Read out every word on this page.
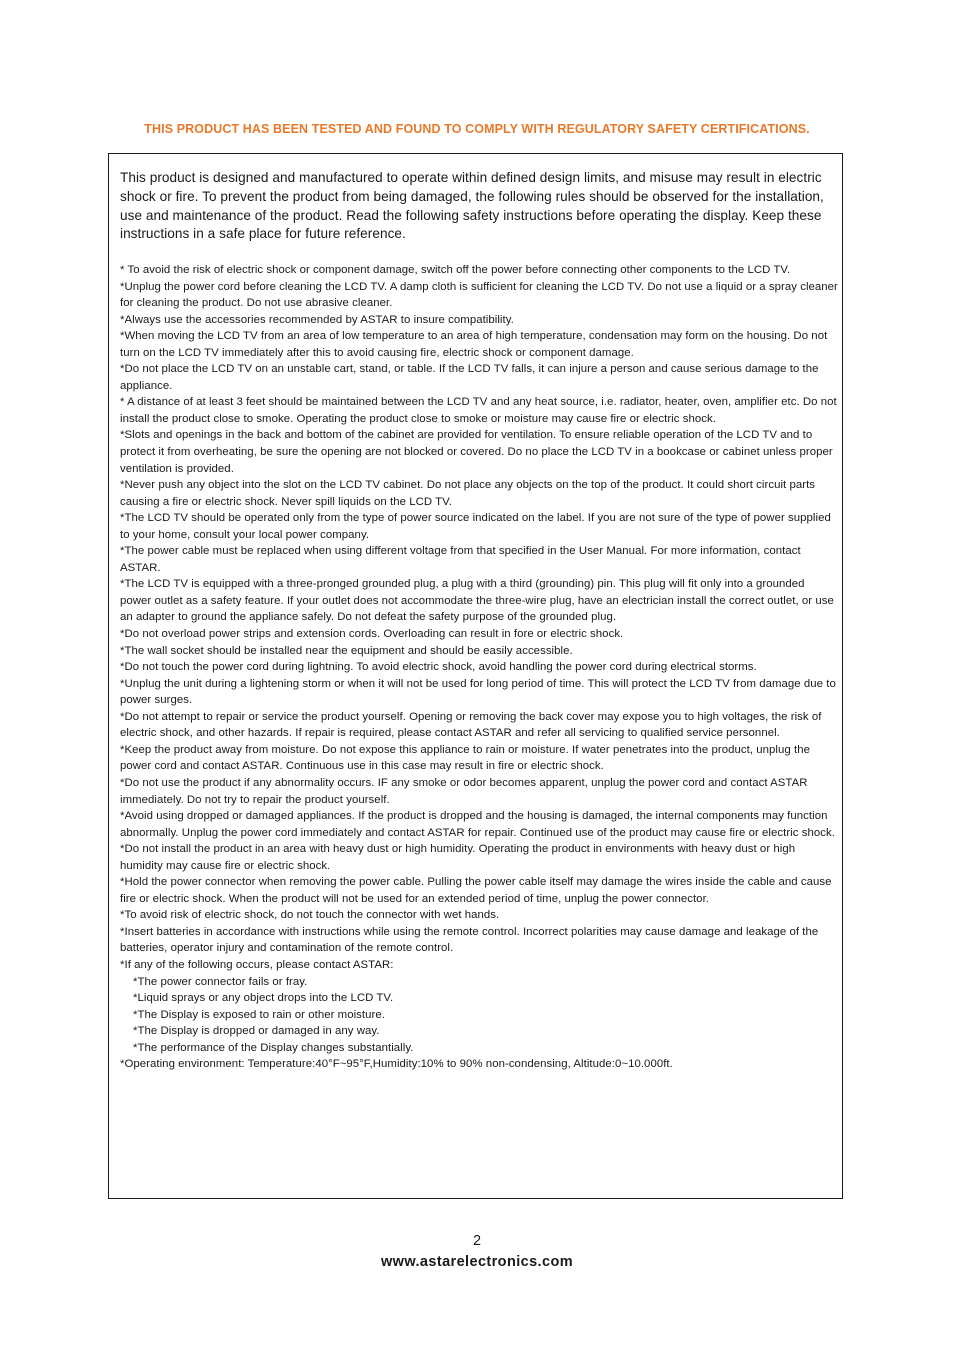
THIS PRODUCT HAS BEEN TESTED AND FOUND TO COMPLY WITH REGULATORY SAFETY CERTIFICATIONS.

This product is designed and manufactured to operate within defined design limits, and misuse may result in electric shock or fire. To prevent the product from being damaged, the following rules should be observed for the installation, use and maintenance of the product. Read the following safety instructions before operating the display. Keep these instructions in a safe place for future reference.

* To avoid the risk of electric shock or component damage, switch off the power before connecting other components to the LCD TV.
*Unplug the power cord before cleaning the LCD TV. A damp cloth is sufficient for cleaning the LCD TV. Do not use a liquid or a spray cleaner for cleaning the product. Do not use abrasive cleaner.
*Always use the accessories recommended by ASTAR to insure compatibility.
*When moving the LCD TV from an area of low temperature to an area of high temperature, condensation may form on the housing. Do not turn on the LCD TV immediately after this to avoid causing fire, electric shock or component damage.
*Do not place the LCD TV on an unstable cart, stand, or table. If the LCD TV falls, it can injure a person and cause serious damage to the appliance.
* A distance of at least 3 feet should be maintained between the LCD TV and any heat source, i.e. radiator, heater, oven, amplifier etc. Do not install the product close to smoke. Operating the product close to smoke or moisture may cause fire or electric shock.
*Slots and openings in the back and bottom of the cabinet are provided for ventilation. To ensure reliable operation of the LCD TV and to protect it from overheating, be sure the opening are not blocked or covered. Do no place the LCD TV in a bookcase or cabinet unless proper ventilation is provided.
*Never push any object into the slot on the LCD TV cabinet. Do not place any objects on the top of the product. It could short circuit parts causing a fire or electric shock. Never spill liquids on the LCD TV.
*The LCD TV should be operated only from the type of power source indicated on the label. If you are not sure of the type of power supplied to your home, consult your local power company.
*The power cable must be replaced when using different voltage from that specified in the User Manual. For more information, contact ASTAR.
*The LCD TV is equipped with a three-pronged grounded plug, a plug with a third (grounding) pin. This plug will fit only into a grounded power outlet as a safety feature. If your outlet does not accommodate the three-wire plug, have an electrician install the correct outlet, or use an adapter to ground the appliance safely. Do not defeat the safety purpose of the grounded plug.
*Do not overload power strips and extension cords. Overloading can result in fore or electric shock.
*The wall socket should be installed near the equipment and should be easily accessible.
*Do not touch the power cord during lightning. To avoid electric shock, avoid handling the power cord during electrical storms.
*Unplug the unit during a lightening storm or when it will not be used for long period of time. This will protect the LCD TV from damage due to power surges.
*Do not attempt to repair or service the product yourself. Opening or removing the back cover may expose you to high voltages, the risk of electric shock, and other hazards. If repair is required, please contact ASTAR and refer all servicing to qualified service personnel.
*Keep the product away from moisture. Do not expose this appliance to rain or moisture. If water penetrates into the product, unplug the power cord and contact ASTAR. Continuous use in this case may result in fire or electric shock.
*Do not use the product if any abnormality occurs. IF any smoke or odor becomes apparent, unplug the power cord and contact ASTAR immediately. Do not try to repair the product yourself.
*Avoid using dropped or damaged appliances. If the product is dropped and the housing is damaged, the internal components may function abnormally. Unplug the power cord immediately and contact ASTAR for repair. Continued use of the product may cause fire or electric shock.
*Do not install the product in an area with heavy dust or high humidity. Operating the product in environments with heavy dust or high humidity may cause fire or electric shock.
*Hold the power connector when removing the power cable. Pulling the power cable itself may damage the wires inside the cable and cause fire or electric shock. When the product will not be used for an extended period of time, unplug the power connector.
*To avoid risk of electric shock, do not touch the connector with wet hands.
*Insert batteries in accordance with instructions while using the remote control. Incorrect polarities may cause damage and leakage of the batteries, operator injury and contamination of the remote control.
*If any of the following occurs, please contact ASTAR:
*The power connector fails or fray.
*Liquid sprays or any object drops into the LCD TV.
*The Display is exposed to rain or other moisture.
*The Display is dropped or damaged in any way.
*The performance of the Display changes substantially.
*Operating environment: Temperature:40°F~95°F,Humidity:10% to 90% non-condensing, Altitude:0~10.000ft.
2
www.astarelectronics.com
